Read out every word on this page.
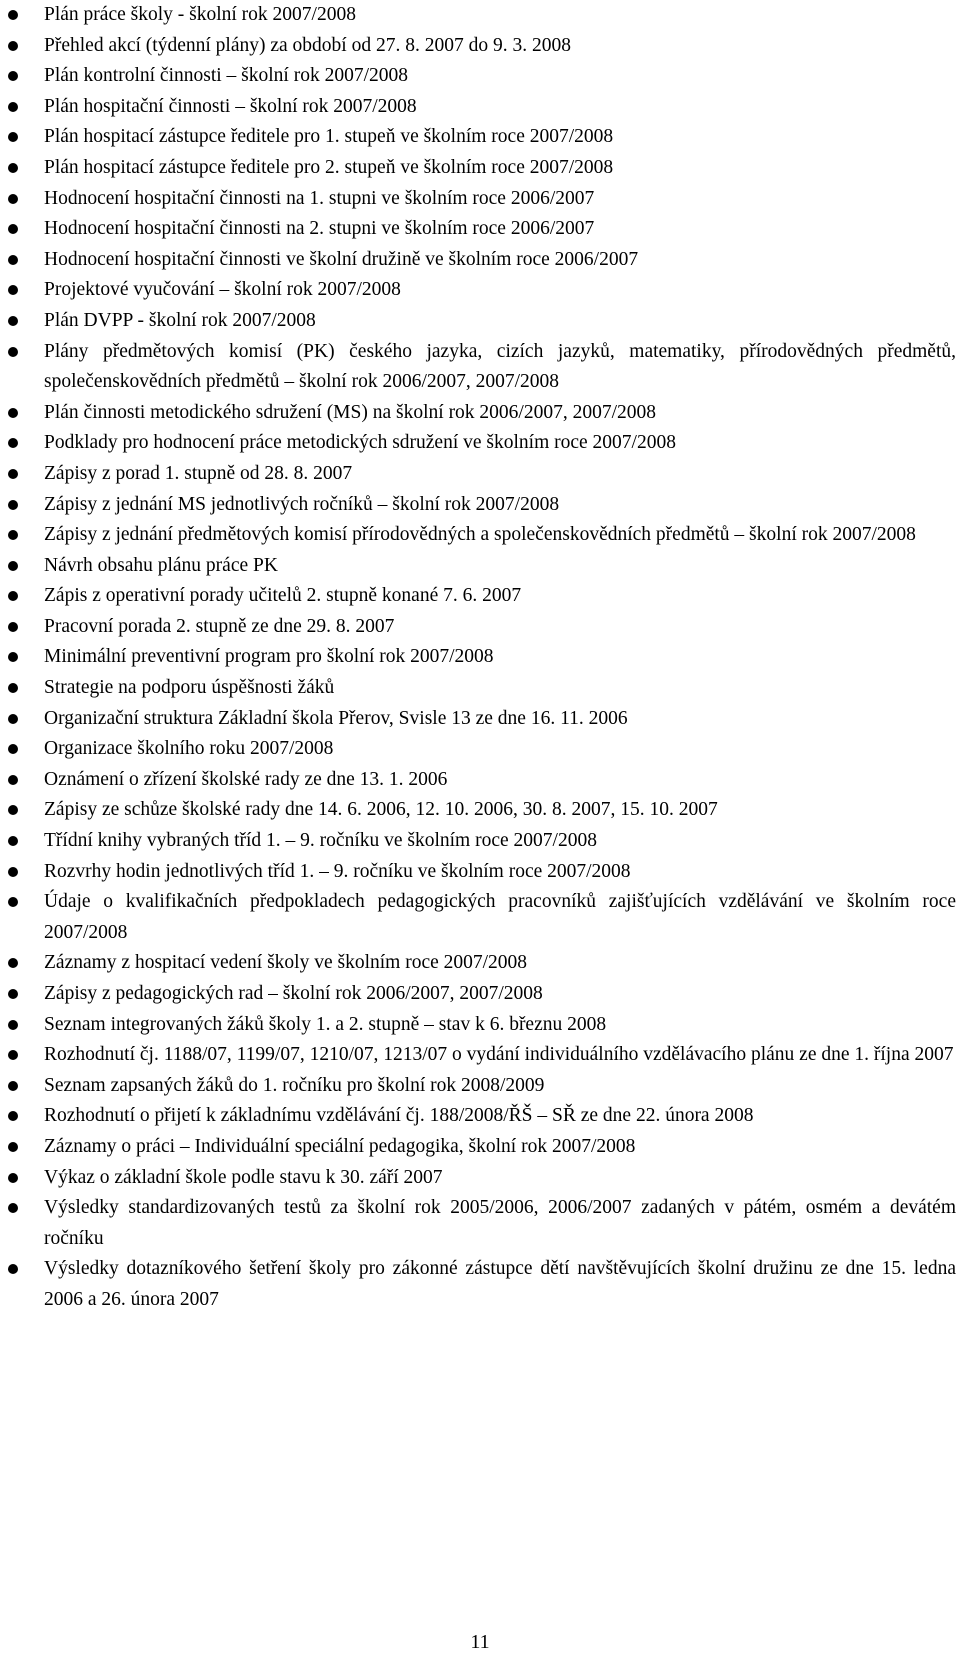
Plán práce školy - školní rok 2007/2008
Přehled akcí (týdenní plány) za období od 27. 8. 2007 do 9. 3. 2008
Plán kontrolní činnosti – školní rok 2007/2008
Plán hospitační činnosti – školní rok 2007/2008
Plán hospitací zástupce ředitele pro 1. stupeň ve školním roce 2007/2008
Plán hospitací zástupce ředitele pro 2. stupeň ve školním roce 2007/2008
Hodnocení hospitační činnosti na 1. stupni ve školním roce 2006/2007
Hodnocení hospitační činnosti na 2. stupni ve školním roce 2006/2007
Hodnocení hospitační činnosti ve školní družině ve školním roce 2006/2007
Projektové vyučování – školní rok 2007/2008
Plán DVPP - školní rok 2007/2008
Plány předmětových komisí (PK) českého jazyka, cizích jazyků, matematiky, přírodovědných předmětů, společenskovědních předmětů – školní rok 2006/2007, 2007/2008
Plán činnosti metodického sdružení (MS) na školní rok 2006/2007, 2007/2008
Podklady pro hodnocení práce metodických sdružení ve školním roce 2007/2008
Zápisy z porad 1. stupně od 28. 8. 2007
Zápisy z jednání MS jednotlivých ročníků – školní rok 2007/2008
Zápisy z jednání předmětových komisí přírodovědných a společenskovědních předmětů – školní rok 2007/2008
Návrh obsahu plánu práce PK
Zápis z operativní porady učitelů 2. stupně konané 7. 6. 2007
Pracovní porada 2. stupně ze dne 29. 8. 2007
Minimální preventivní program pro školní rok 2007/2008
Strategie na podporu úspěšnosti žáků
Organizační struktura Základní škola Přerov, Svisle 13 ze dne 16. 11. 2006
Organizace školního roku 2007/2008
Oznámení o zřízení školské rady ze dne 13. 1. 2006
Zápisy ze schůze školské rady dne 14. 6. 2006, 12. 10. 2006, 30. 8. 2007, 15. 10. 2007
Třídní knihy vybraných tříd 1. – 9. ročníku ve školním roce 2007/2008
Rozvrhy hodin jednotlivých tříd 1. – 9. ročníku ve školním roce 2007/2008
Údaje o kvalifikačních předpokladech pedagogických pracovníků zajišťujících vzdělávání ve školním roce 2007/2008
Záznamy z hospitací vedení školy ve školním roce 2007/2008
Zápisy z pedagogických rad – školní rok 2006/2007, 2007/2008
Seznam integrovaných žáků školy 1. a 2. stupně – stav k 6. březnu 2008
Rozhodnutí čj. 1188/07, 1199/07, 1210/07, 1213/07 o vydání individuálního vzdělávacího plánu ze dne 1. října 2007
Seznam zapsaných žáků do 1. ročníku pro školní rok 2008/2009
Rozhodnutí o přijetí k základnímu vzdělávání čj. 188/2008/ŘŠ – SŘ ze dne 22. února 2008
Záznamy o práci – Individuální speciální pedagogika, školní rok 2007/2008
Výkaz o základní škole podle stavu k 30. září 2007
Výsledky standardizovaných testů za školní rok 2005/2006, 2006/2007 zadaných v pátém, osmém a devátém ročníku
Výsledky dotazníkového šetření školy pro zákonné zástupce dětí navštěvujících školní družinu ze dne 15. ledna 2006 a 26. února 2007
11
